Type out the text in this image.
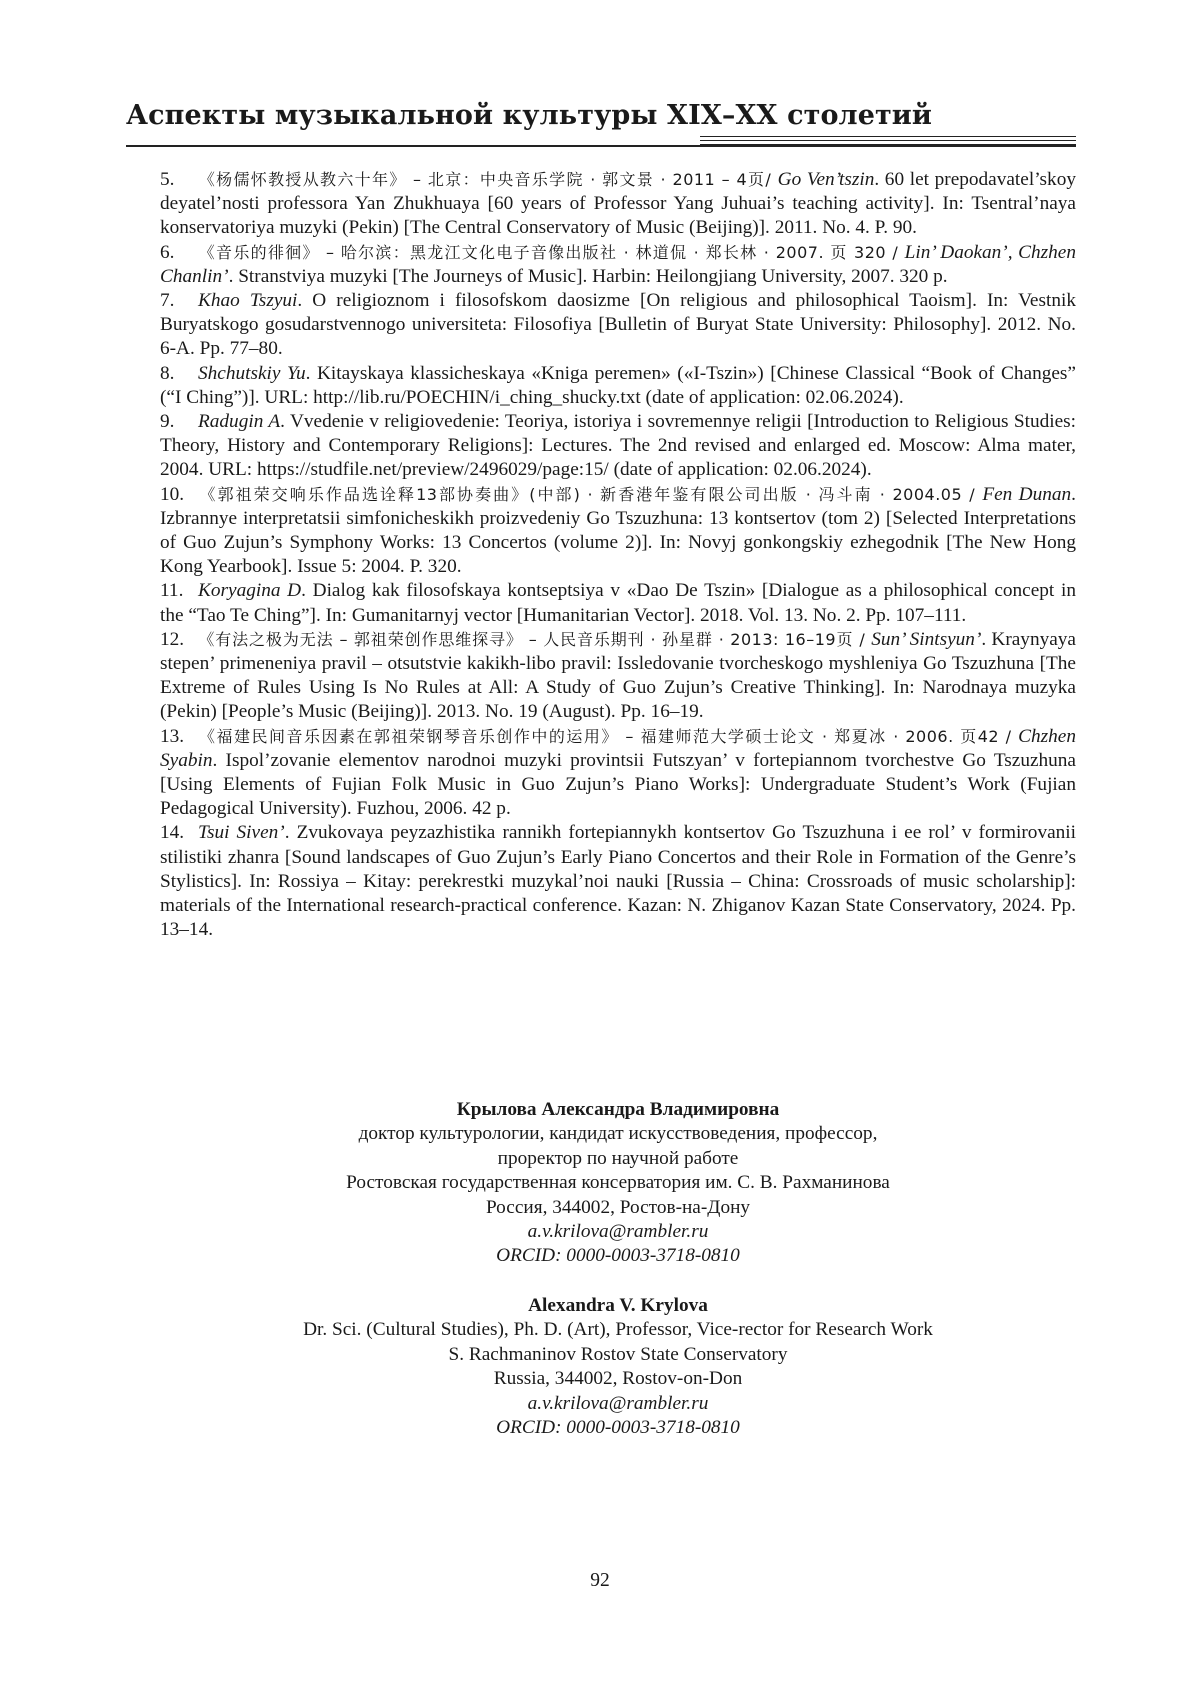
Аспекты музыкальной культуры XIX–XX столетий

5. 《杨儒怀教授从教六十年》 – 北京：中央音乐学院 · 郭文景 · 2011 – 4页/ Go Ven’tszin. 60 let prepodavatel’skoy deyatel’nosti professora Yan Zhukhuaya [60 years of Professor Yang Juhuai’s teaching activity]. In: Tsentral’naya konservatoriya muzyki (Pekin) [The Central Conservatory of Music (Beijing)]. 2011. No. 4. P. 90.

6. 《音乐的徘徊》 – 哈尔滨：黑龙江文化电子音像出版社 · 林道侃 · 郑长林 · 2007. 页 320 / Lin’ Daokan’, Chzhen Chanlin’. Stranstviya muzyki [The Journeys of Music]. Harbin: Heilongjiang University, 2007. 320 p.

7. Khao Tszyui. O religioznom i filosofskom daosizme [On religious and philosophical Taoism]. In: Vestnik Buryatskogo gosudarstvennogo universiteta: Filosofiya [Bulletin of Buryat State University: Philosophy]. 2012. No. 6-A. Pp. 77–80.

8. Shchutskiy Yu. Kitayskaya klassicheskaya «Kniga peremen» («I-Tszin») [Chinese Classical “Book of Changes” (“I Ching”)]. URL: http://lib.ru/POECHIN/i_ching_shucky.txt (date of application: 02.06.2024).

9. Radugin A. Vvedenie v religiovedenie: Teoriya, istoriya i sovremennye religii [Introduction to Religious Studies: Theory, History and Contemporary Religions]: Lectures. The 2nd revised and enlarged ed. Moscow: Alma mater, 2004. URL: https://studfile.net/preview/2496029/page:15/ (date of application: 02.06.2024).

10. 《郭祖荣交响乐作品选诠释13部协奏曲》(中部) · 新香港年鉴有限公司出版 · 冯斗南 · 2004.05 / Fen Dunan. Izbrannye interpretatsii simfonicheskikh proizvedeniy Go Tszuzhuna: 13 kontsertov (tom 2) [Selected Interpretations of Guo Zujun’s Symphony Works: 13 Concertos (volume 2)]. In: Novyj gonkongskiy ezhegodnik [The New Hong Kong Yearbook]. Issue 5: 2004. P. 320.

11. Koryagina D. Dialog kak filosofskaya kontseptsiya v «Dao De Tszin» [Dialogue as a philosophical concept in the “Tao Te Ching”]. In: Gumanitarnyj vector [Humanitarian Vector]. 2018. Vol. 13. No. 2. Pp. 107–111.

12. 《有法之极为无法 – 郭祖荣创作思维探寻》 – 人民音乐期刊 · 孙星群 · 2013: 16–19页 / Sun’ Sintsyun’. Kraynyaya stepen’ primeneniya pravil – otsutstvie kakikh-libo pravil: Issledovanie tvorcheskogo myshleniya Go Tszuzhuna [The Extreme of Rules Using Is No Rules at All: A Study of Guo Zujun’s Creative Thinking]. In: Narodnaya muzyka (Pekin) [People’s Music (Beijing)]. 2013. No. 19 (August). Pp. 16–19.

13. 《福建民间音乐因素在郭祖荣钢琴音乐创作中的运用》 – 福建师范大学硕士论文 · 郑夏冰 · 2006. 页42 / Chzhen Syabin. Ispol’zovanie elementov narodnoi muzyki provintsii Futszyan’ v fortepiannom tvorchestve Go Tszuzhuna [Using Elements of Fujian Folk Music in Guo Zujun’s Piano Works]: Undergraduate Student’s Work (Fujian Pedagogical University). Fuzhou, 2006. 42 p.

14. Tsui Siven’. Zvukovaya peyzazhistika rannikh fortepiannykh kontsertov Go Tszuzhuna i ee rol’ v formirovanii stilistiki zhanra [Sound landscapes of Guo Zujun’s Early Piano Concertos and their Role in Formation of the Genre’s Stylistics]. In: Rossiya – Kitay: perekrestki muzykal’noi nauki [Russia – China: Crossroads of music scholarship]: materials of the International research-practical conference. Kazan: N. Zhiganov Kazan State Conservatory, 2024. Pp. 13–14.

Крылова Александра Владимировна
доктор культурологии, кандидат искусствоведения, профессор,
проректор по научной работе
Ростовская государственная консерватория им. С. В. Рахманинова
Россия, 344002, Ростов-на-Дону
a.v.krilova@rambler.ru
ORCID: 0000-0003-3718-0810
Alexandra V. Krylova
Dr. Sci. (Cultural Studies), Ph. D. (Art), Professor, Vice-rector for Research Work
S. Rachmaninov Rostov State Conservatory
Russia, 344002, Rostov-on-Don
a.v.krilova@rambler.ru
ORCID: 0000-0003-3718-0810
92
